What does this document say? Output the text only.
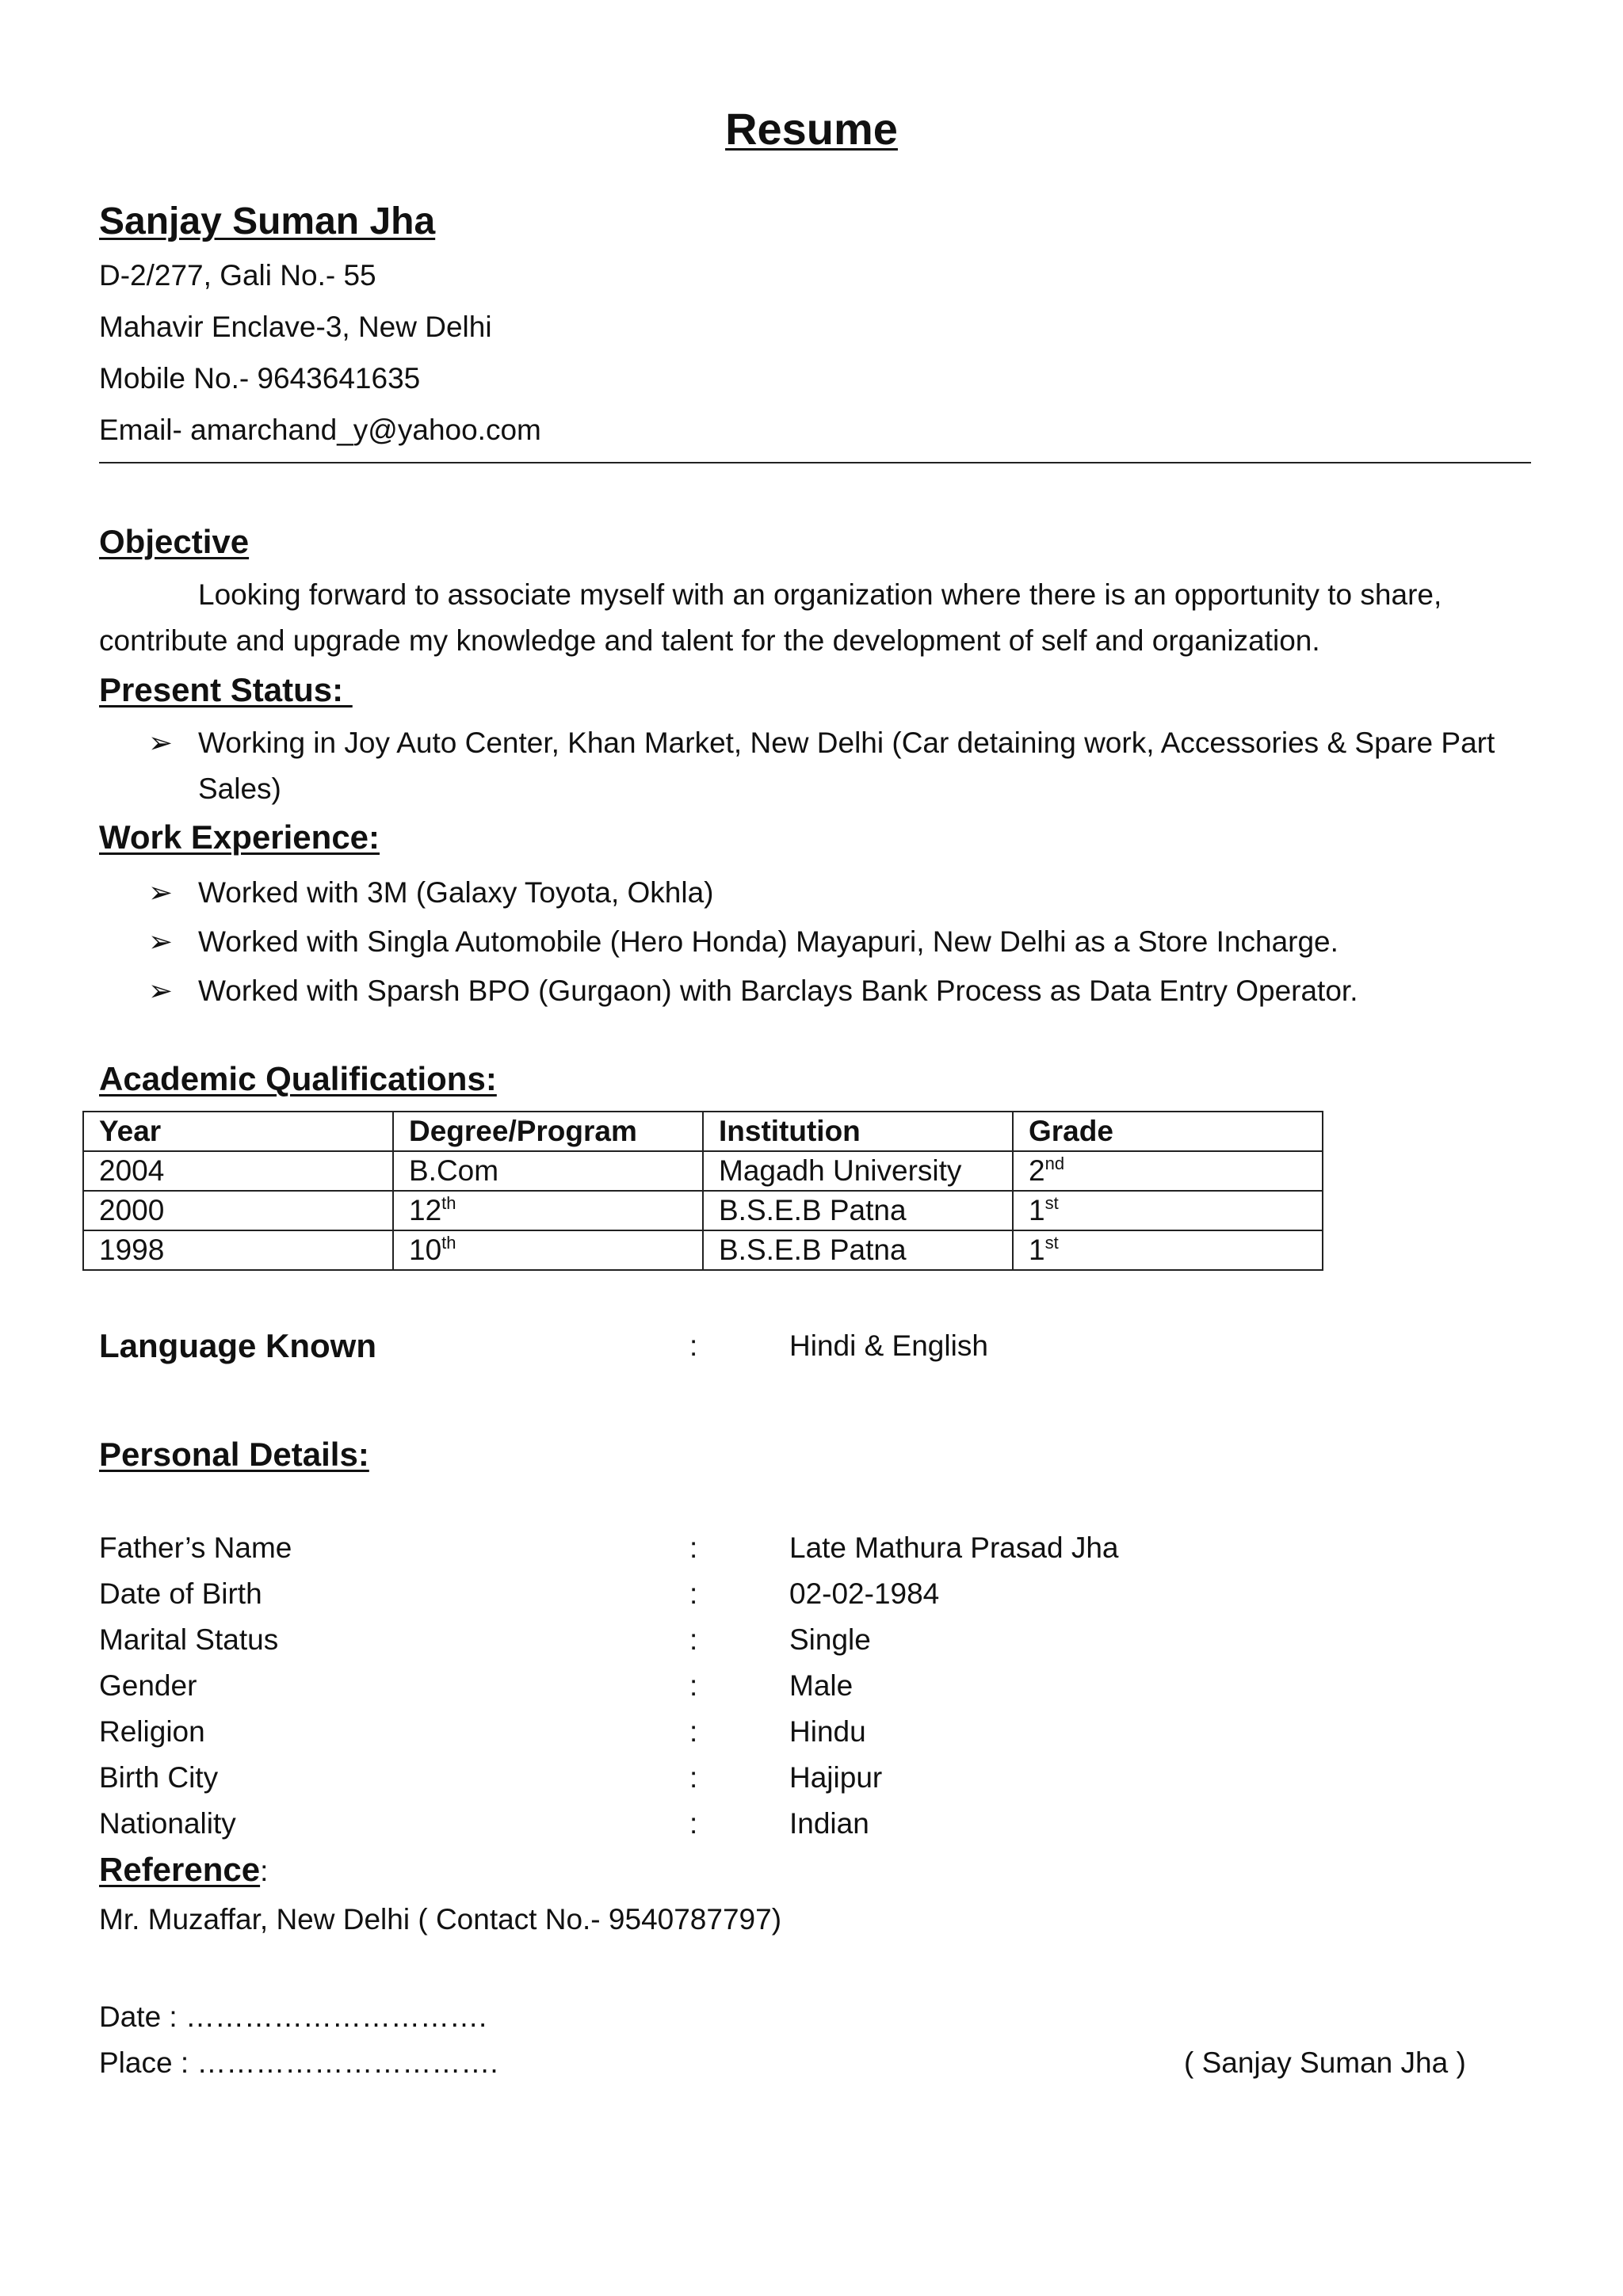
Resume
Sanjay Suman Jha
D-2/277, Gali No.- 55
Mahavir Enclave-3, New Delhi
Mobile No.- 9643641635
Email- amarchand_y@yahoo.com
Objective
Looking forward to associate myself with an organization where there is an opportunity to share, contribute and upgrade my knowledge and talent for the development of self and organization.
Present Status:
➢ Working in Joy Auto Center, Khan Market, New Delhi (Car detaining work, Accessories & Spare Part Sales)
Work Experience:
➢ Worked with 3M (Galaxy Toyota, Okhla)
➢ Worked with Singla Automobile (Hero Honda) Mayapuri, New Delhi as a Store Incharge.
➢ Worked with Sparsh BPO (Gurgaon) with Barclays Bank Process as Data Entry Operator.
Academic Qualifications:
Year	Degree/Program	Institution	Grade
2004	B.Com	Magadh University	2nd
2000	12th	B.S.E.B Patna	1st
1998	10th	B.S.E.B Patna	1st
Language Known	:	Hindi & English
Personal Details:
Father’s Name	:	Late Mathura Prasad Jha
Date of Birth	:	02-02-1984
Marital Status	:	Single
Gender	:	Male
Religion	:	Hindu
Birth City	:	Hajipur
Nationality	:	Indian
Reference:
Mr. Muzaffar, New Delhi ( Contact No.- 9540787797)
Date : ………………………….
Place : ………………………….	( Sanjay Suman Jha )
